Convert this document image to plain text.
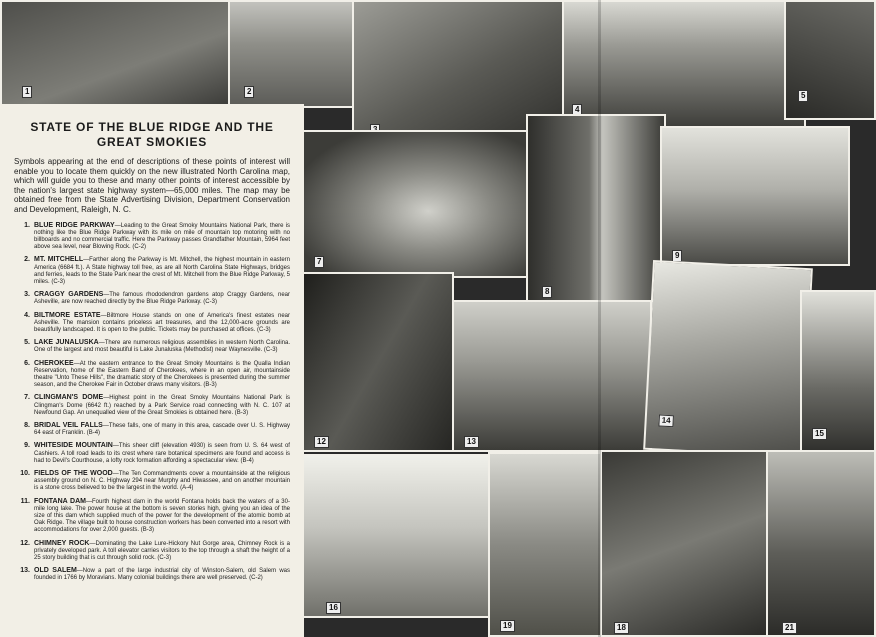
1	2
4
5
7
8
9
12	13
14
15
16
19	18	21
STATE OF THE BLUE RIDGE AND THE GREAT SMOKIES

Symbols appearing at the end of descriptions of these points of interest will enable you to locate them quickly on the new illustrated North Carolina map, which will guide you to these and many other points of interest accessible by the nation's largest state highway system—65,000 miles. The map may be obtained free from the State Advertising Division, Department Conservation and Development, Raleigh, N. C.

1. BLUE RIDGE PARKWAY—Leading to the Great Smoky Mountains National Park, there is nothing like the Blue Ridge Parkway with its mile on mile of mountain top motoring with no billboards and no commercial traffic. Here the Parkway passes Grandfather Mountain, 5964 feet above sea level, near Blowing Rock. (C-2)
2. MT. MITCHELL—Farther along the Parkway is Mt. Mitchell, the highest mountain in eastern America (6684 ft.). A State highway toll free, as are all North Carolina State Highways, bridges and ferries, leads to the State Park near the crest of Mt. Mitchell from the Blue Ridge Parkway, 5 miles. (C-3)
3. CRAGGY GARDENS—The famous rhododendron gardens atop Craggy Gardens, near Asheville, are now reached directly by the Blue Ridge Parkway. (C-3)
4. BILTMORE ESTATE—Biltmore House stands on one of America's finest estates near Asheville. The mansion contains priceless art treasures, and the 12,000-acre grounds are beautifully landscaped. It is open to the public. Tickets may be purchased at offices. (C-3)
5. LAKE JUNALUSKA—There are numerous religious assemblies in western North Carolina. One of the largest and most beautiful is Lake Junaluska (Methodist) near Waynesville. (C-3)
6. CHEROKEE—At the eastern entrance to the Great Smoky Mountains is the Qualla Indian Reservation, home of the Eastern Band of Cherokees, where in an open air, mountainside theatre "Unto These Hills", the dramatic story of the Cherokees is presented during the summer season, and the Cherokee Fair in October draws many visitors. (B-3)
7. CLINGMAN'S DOME—Highest point in the Great Smoky Mountains National Park is Clingman's Dome (6642 ft.) reached by a Park Service road connecting with N. C. 107 at Newfound Gap. An unequalled view of the Great Smokies is obtained here. (B-3)
8. BRIDAL VEIL FALLS—These falls, one of many in this area, cascade over U. S. Highway 64 east of Franklin. (B-4)
9. WHITESIDE MOUNTAIN—This sheer cliff (elevation 4930) is seen from U. S. 64 west of Cashiers. A toll road leads to its crest where rare botanical specimens are found and access is had to Devil's Courthouse, a lofty rock formation affording a spectacular view. (B-4)
10. FIELDS OF THE WOOD—The Ten Commandments cover a mountainside at the religious assembly ground on N. C. Highway 294 near Murphy and Hiwassee, and on another mountain is a stone cross believed to be the largest in the world. (A-4)
11. FONTANA DAM—Fourth highest dam in the world Fontana holds back the waters of a 30-mile long lake. The power house at the bottom is seven stories high, giving you an idea of the size of this dam which supplied much of the power for the development of the atomic bomb at Oak Ridge. The village built to house construction workers has been converted into a resort with accommodations for over 2,000 guests. (B-3)
12. CHIMNEY ROCK—Dominating the Lake Lure-Hickory Nut Gorge area, Chimney Rock is a privately developed park. A toll elevator carries visitors to the top through a shaft the height of a 25 story building that is cut through solid rock. (C-3)
13. OLD SALEM—Now a part of the large industrial city of Winston-Salem, old Salem was founded in 1766 by Moravians. Many colonial buildings there are well preserved. (C-2)
